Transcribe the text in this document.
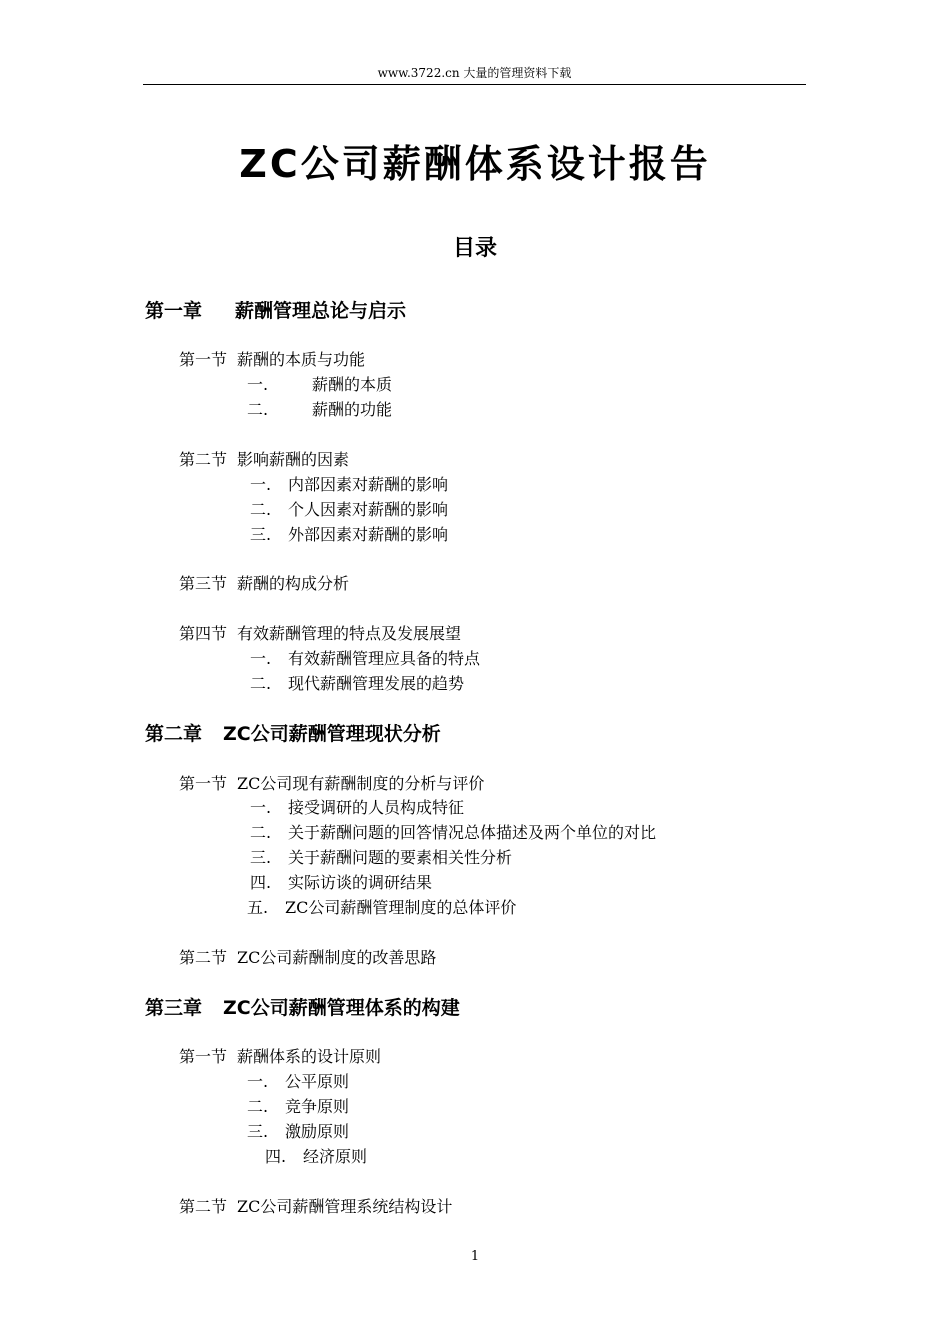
www.3722.cn 大量的管理资料下载
ZC公司薪酬体系设计报告
目录
第一章 薪酬管理总论与启示
第一节 薪酬的本质与功能
一.	薪酬的本质
二.	薪酬的功能
第二节 影响薪酬的因素
一. 内部因素对薪酬的影响
二. 个人因素对薪酬的影响
三. 外部因素对薪酬的影响
第三节 薪酬的构成分析
第四节 有效薪酬管理的特点及发展展望
一. 有效薪酬管理应具备的特点
二. 现代薪酬管理发展的趋势
第二章 ZC公司薪酬管理现状分析
第一节 ZC公司现有薪酬制度的分析与评价
一. 接受调研的人员构成特征
二. 关于薪酬问题的回答情况总体描述及两个单位的对比
三. 关于薪酬问题的要素相关性分析
四. 实际访谈的调研结果
五. ZC公司薪酬管理制度的总体评价
第二节 ZC公司薪酬制度的改善思路
第三章 ZC公司薪酬管理体系的构建
第一节 薪酬体系的设计原则
一. 公平原则
二. 竞争原则
三. 激励原则
四. 经济原则
第二节 ZC公司薪酬管理系统结构设计
1
